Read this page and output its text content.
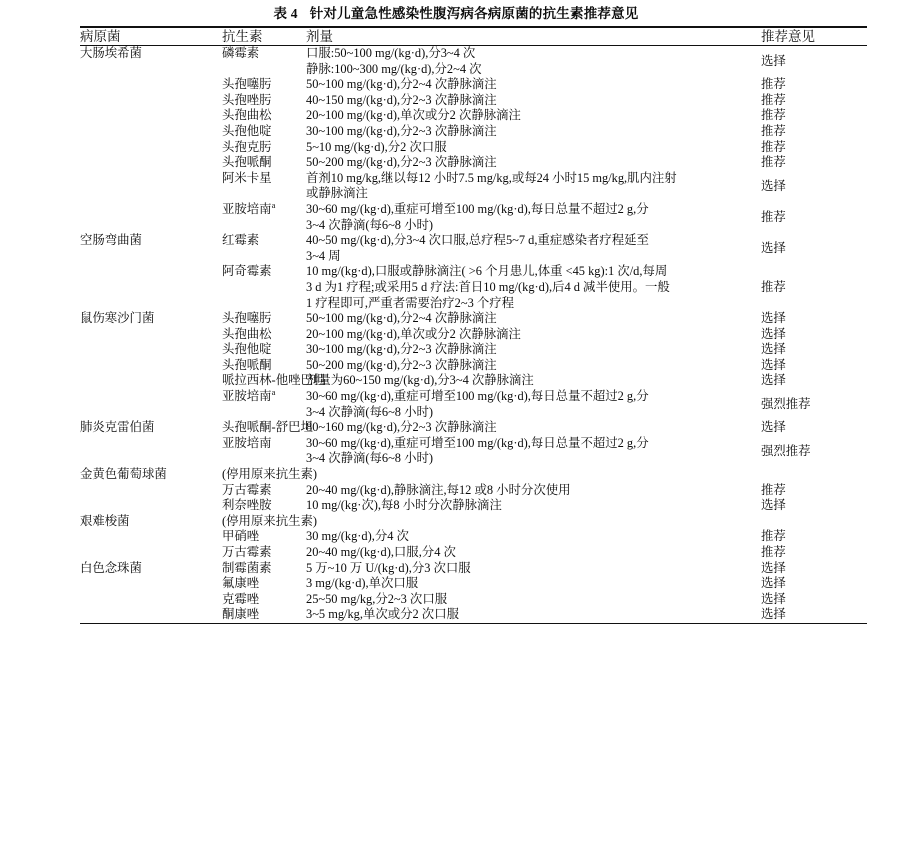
表 4 针对儿童急性感染性腹泻病各病原菌的抗生素推荐意见
病原菌	抗生素	剂量	推荐意见
大肠埃希菌	磷霉素	口服:50~100 mg/(kg·d),分3~4 次
静脉:100~300 mg/(kg·d),分2~4 次	选择

	头孢噻肟	50~100 mg/(kg·d),分2~4 次静脉滴注	推荐

	头孢唑肟	40~150 mg/(kg·d),分2~3 次静脉滴注	推荐

	头孢曲松	20~100 mg/(kg·d),单次或分2 次静脉滴注	推荐

	头孢他啶	30~100 mg/(kg·d),分2~3 次静脉滴注	推荐

	头孢克肟	5~10 mg/(kg·d),分2 次口服	推荐

	头孢哌酮	50~200 mg/(kg·d),分2~3 次静脉滴注	推荐

	阿米卡星	首剂10 mg/kg,继以每12 小时7.5 mg/kg,或每24 小时15 mg/kg,肌内注射
或静脉滴注	选择

	亚胺培南$^a$	30~60 mg/(kg·d),重症可增至100 mg/(kg·d),每日总量不超过2 g,分
3~4 次静滴(每6~8 小时)	推荐
空肠弯曲菌	红霉素	40~50 mg/(kg·d),分3~4 次口服,总疗程5~7 d,重症感染者疗程延至
3~4 周	选择

	阿奇霉素	10 mg/(kg·d),口服或静脉滴注( >6 个月患儿,体重 <45 kg):1 次/d,每周
3 d 为1 疗程;或采用5 d 疗法:首日10 mg/(kg·d),后4 d 减半使用。一般
1 疗程即可,严重者需要治疗2~3 个疗程	推荐
鼠伤寒沙门菌	头孢噻肟	50~100 mg/(kg·d),分2~4 次静脉滴注	选择

	头孢曲松	20~100 mg/(kg·d),单次或分2 次静脉滴注	选择

	头孢他啶	30~100 mg/(kg·d),分2~3 次静脉滴注	选择

	头孢哌酮	50~200 mg/(kg·d),分2~3 次静脉滴注	选择

	哌拉西林-他唑巴坦	剂量为60~150 mg/(kg·d),分3~4 次静脉滴注	选择

	亚胺培南$^a$	30~60 mg/(kg·d),重症可增至100 mg/(kg·d),每日总量不超过2 g,分
3~4 次静滴(每6~8 小时)	强烈推荐
肺炎克雷伯菌	头孢哌酮-舒巴坦	80~160 mg/(kg·d),分2~3 次静脉滴注	选择

	亚胺培南	30~60 mg/(kg·d),重症可增至100 mg/(kg·d),每日总量不超过2 g,分
3~4 次静滴(每6~8 小时)	强烈推荐
金黄色葡萄球菌	(停用原来抗生素)		

	万古霉素	20~40 mg/(kg·d),静脉滴注,每12 或8 小时分次使用	推荐

	利奈唑胺	10 mg/(kg·次),每8 小时分次静脉滴注	选择
艰难梭菌	(停用原来抗生素)		

	甲硝唑	30 mg/(kg·d),分4 次	推荐

	万古霉素	20~40 mg/(kg·d),口服,分4 次	推荐
白色念珠菌	制霉菌素	5 万~10 万 U/(kg·d),分3 次口服	选择

	氟康唑	3 mg/(kg·d),单次口服	选择

	克霉唑	25~50 mg/kg,分2~3 次口服	选择

	酮康唑	3~5 mg/kg,单次或分2 次口服	选择
